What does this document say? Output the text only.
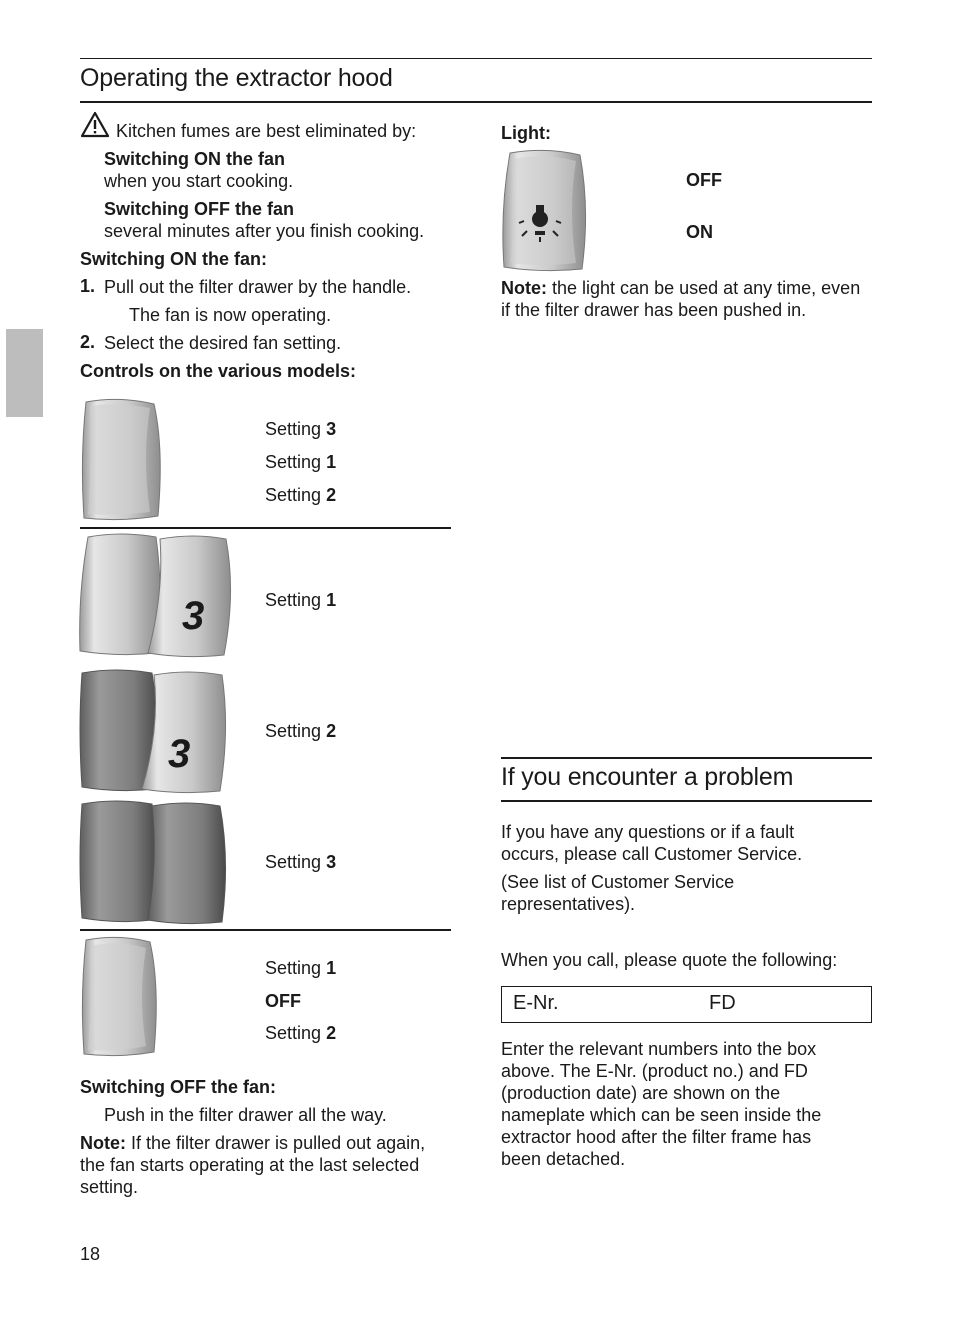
Operating the extractor hood
Kitchen fumes are best eliminated by:
Switching ON the fan
when you start cooking.
Switching OFF the fan
several minutes after you finish cooking.
Switching ON the fan:
1. Pull out the filter drawer by the handle.
The fan is now operating.
2. Select the desired fan setting.
Controls on the various models:
Setting 3
Setting 1
Setting 2
3	Setting 1
3
Setting 2
Setting 3
Setting 1
OFF
Setting 2
Switching OFF the fan:
Push in the filter drawer all the way.
Note: If the filter drawer is pulled out again, the fan starts operating at the last selected setting.
18
Light:
OFF
ON
Note: the light can be used at any time, even if the filter drawer has been pushed in.
If you encounter a problem
If you have any questions or if a fault occurs, please call Customer Service.
(See list of Customer Service representatives).
When you call, please quote the following:
E-Nr.	FD
Enter the relevant numbers into the box above. The E-Nr. (product no.) and FD (production date) are shown on the nameplate which can be seen inside the extractor hood after the filter frame has been detached.
